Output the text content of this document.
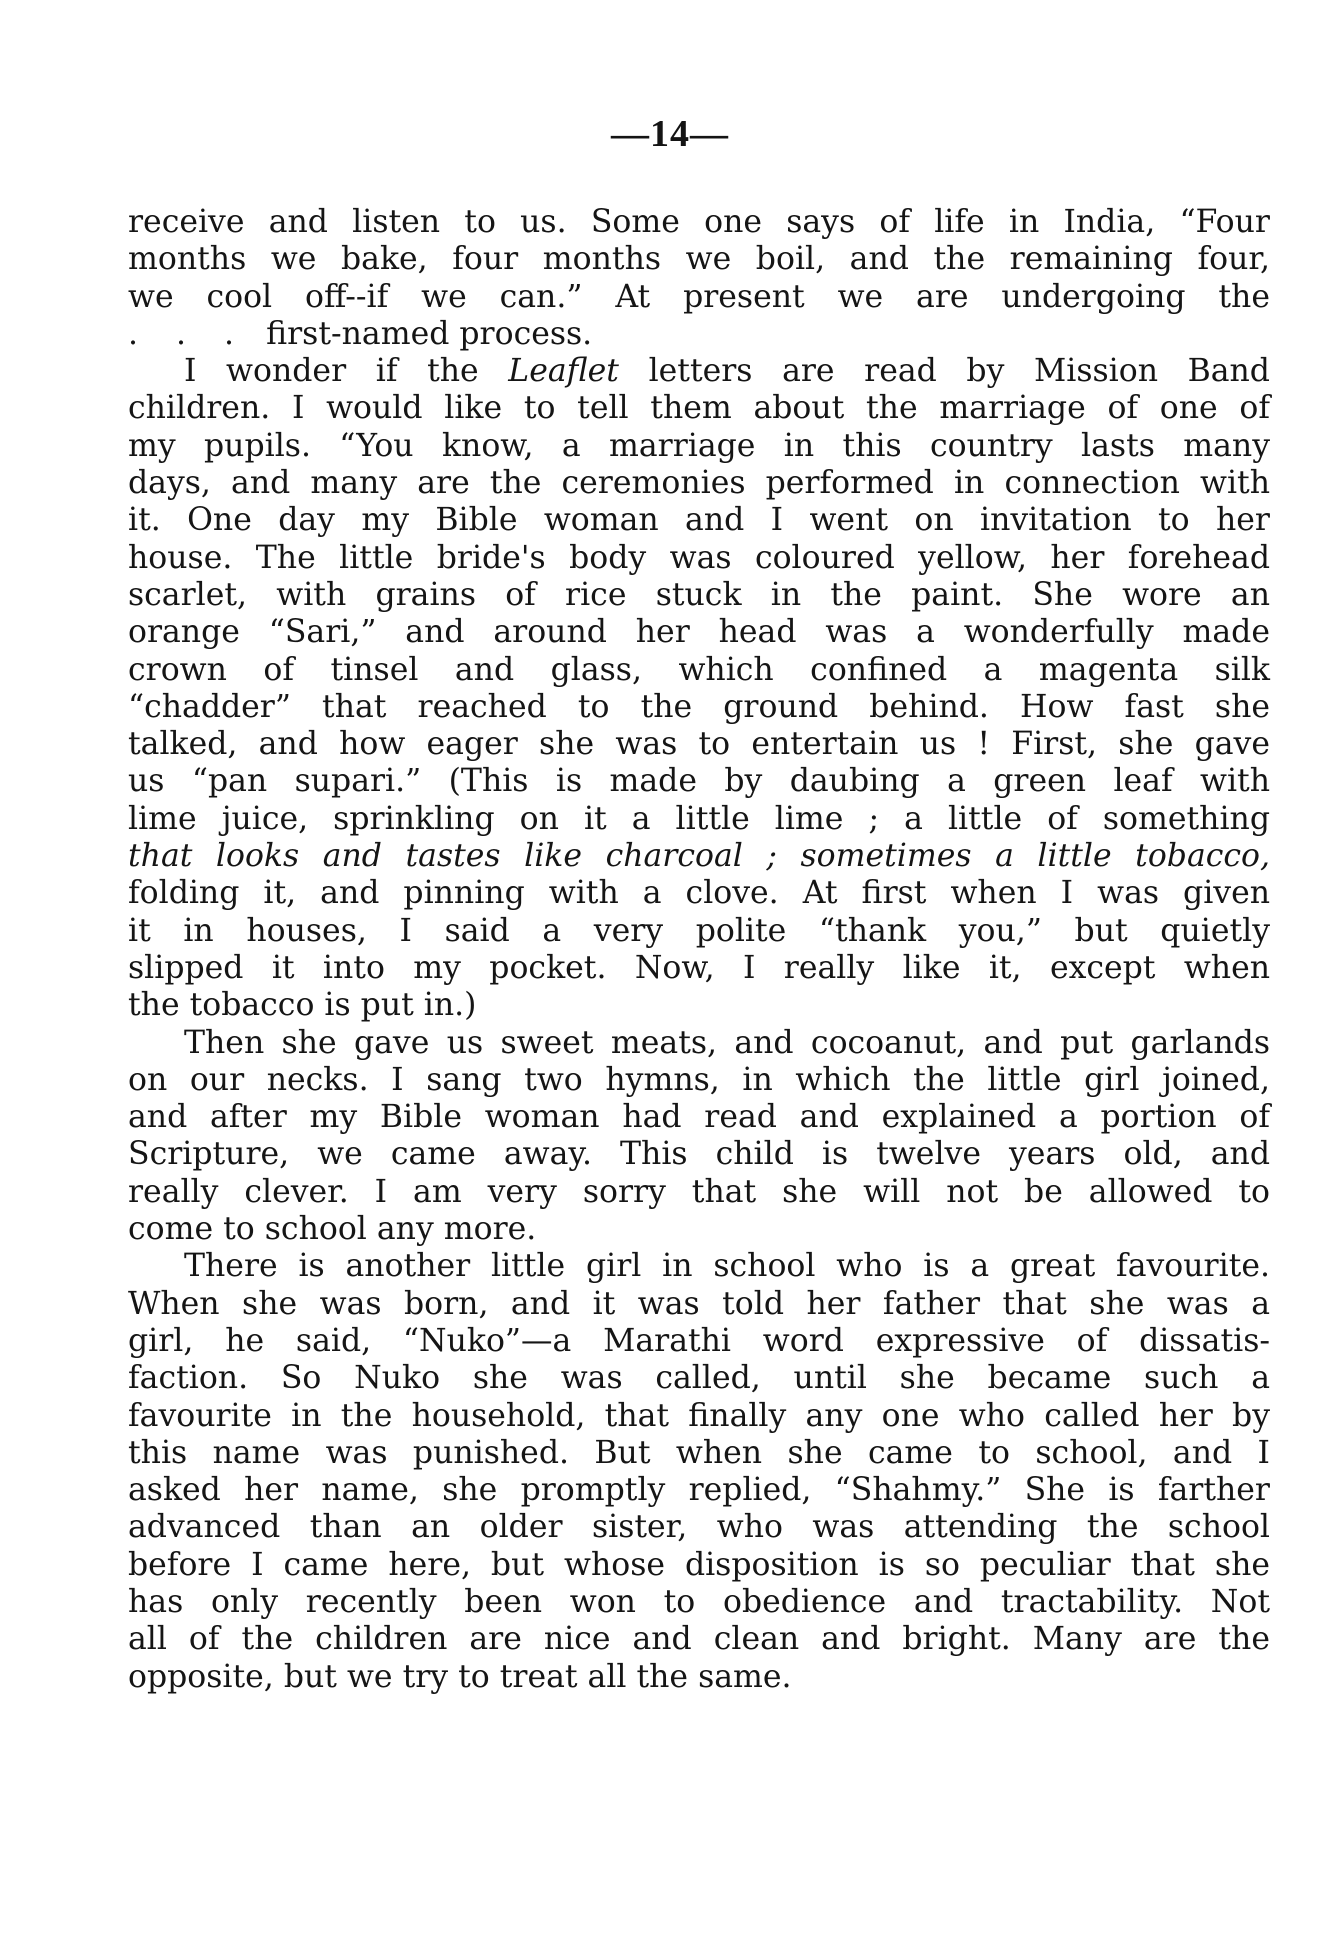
—14—
receive and listen to us. Some one says of life in India, “Four
months we bake, four months we boil, and the remaining four,
we cool off--if we can.” At present we are undergoing the
. . . first-named process.
I wonder if the Leaflet letters are read by Mission Band
children. I would like to tell them about the marriage of one of
my pupils. “You know, a marriage in this country lasts many
days, and many are the ceremonies performed in connection with
it. One day my Bible woman and I went on invitation to her
house. The little bride's body was coloured yellow, her forehead
scarlet, with grains of rice stuck in the paint. She wore an
orange “Sari,” and around her head was a wonderfully made
crown of tinsel and glass, which confined a magenta silk
“chadder” that reached to the ground behind. How fast she
talked, and how eager she was to entertain us ! First, she gave
us “pan supari.” (This is made by daubing a green leaf with
lime juice, sprinkling on it a little lime ; a little of something
that looks and tastes like charcoal ; sometimes a little tobacco,
folding it, and pinning with a clove. At first when I was given
it in houses, I said a very polite “thank you,” but quietly
slipped it into my pocket. Now, I really like it, except when
the tobacco is put in.)
Then she gave us sweet meats, and cocoanut, and put garlands
on our necks. I sang two hymns, in which the little girl joined,
and after my Bible woman had read and explained a portion of
Scripture, we came away. This child is twelve years old, and
really clever. I am very sorry that she will not be allowed to
come to school any more.
There is another little girl in school who is a great favourite.
When she was born, and it was told her father that she was a
girl, he said, “Nuko”—a Marathi word expressive of dissatis-
faction. So Nuko she was called, until she became such a
favourite in the household, that finally any one who called her by
this name was punished. But when she came to school, and I
asked her name, she promptly replied, “Shahmy.” She is farther
advanced than an older sister, who was attending the school
before I came here, but whose disposition is so peculiar that she
has only recently been won to obedience and tractability. Not
all of the children are nice and clean and bright. Many are the
opposite, but we try to treat all the same.
